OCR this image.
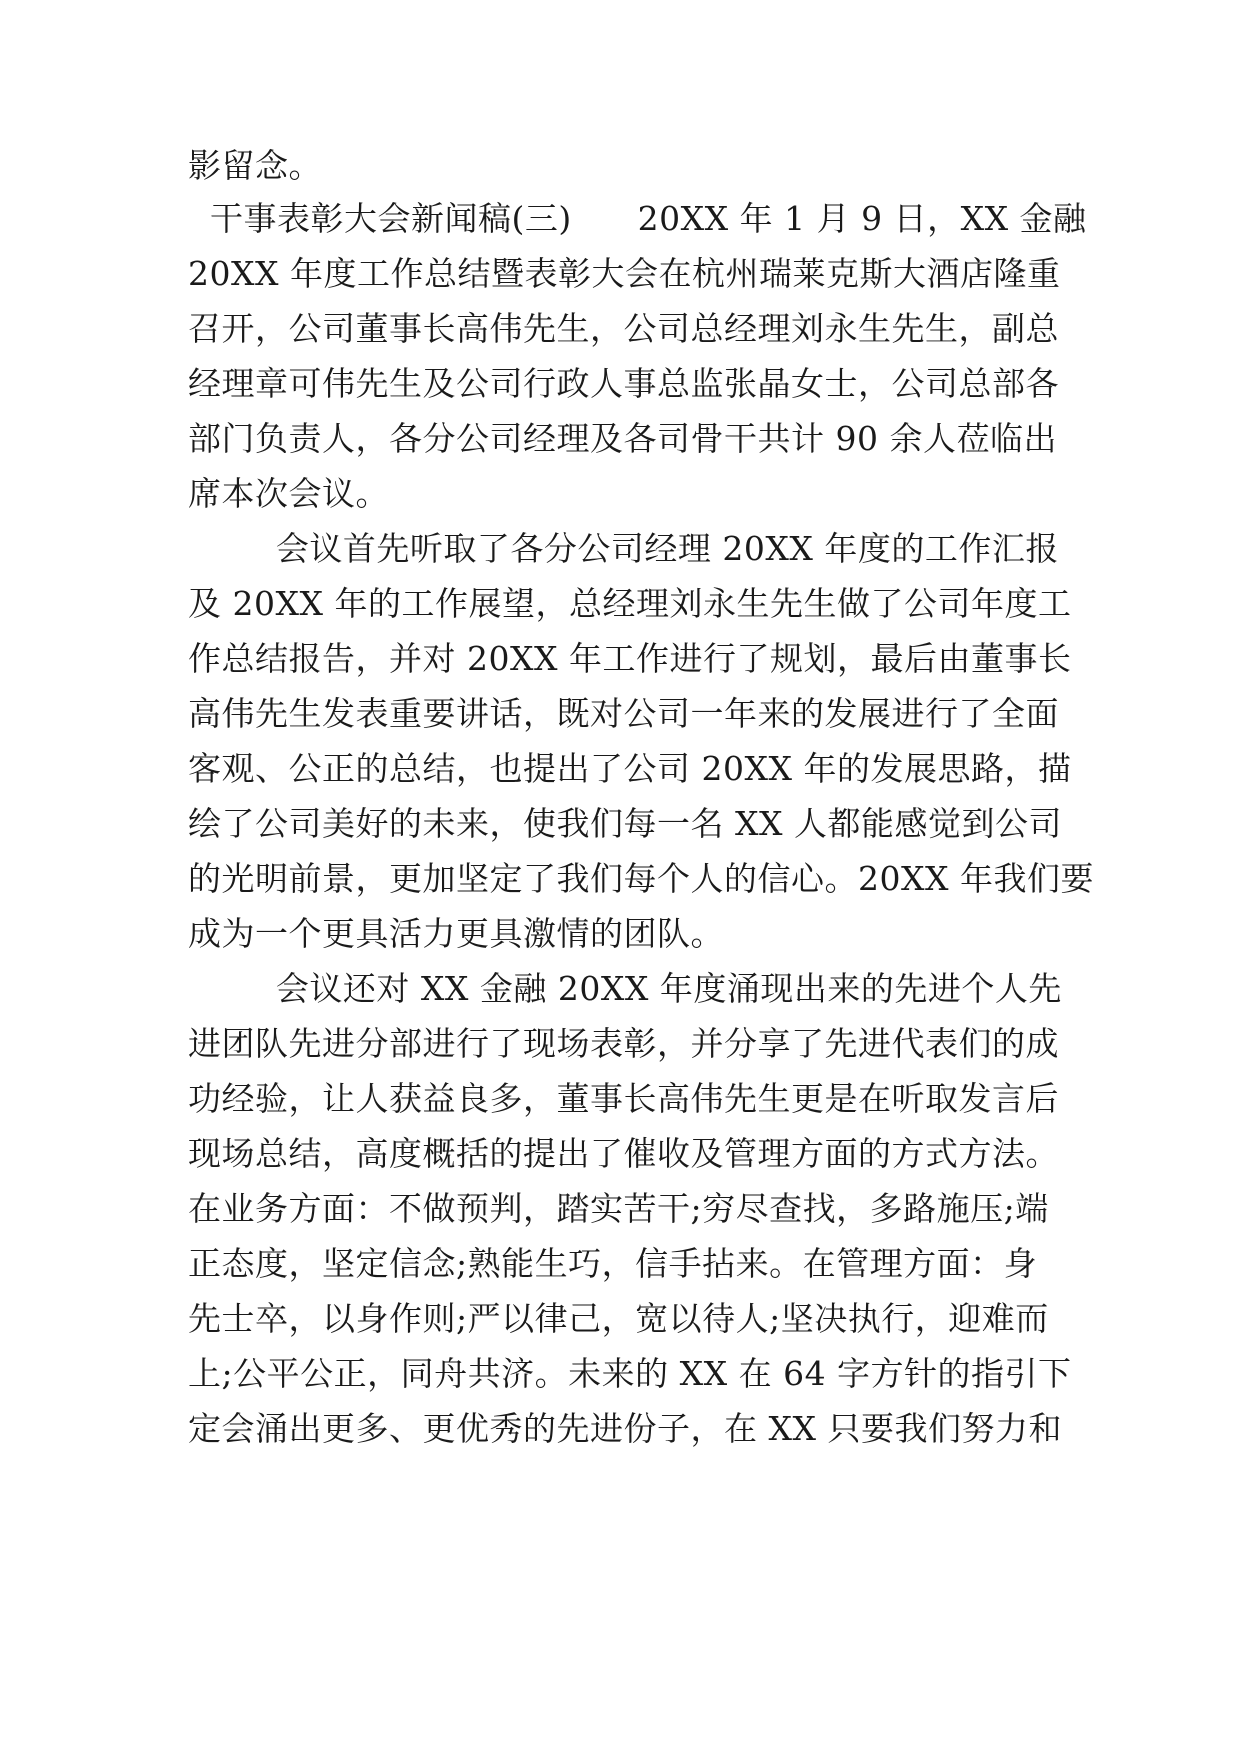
影留念。
干事表彰大会新闻稿(三)      20XX 年 1 月 9 日，XX 金融
20XX 年度工作总结暨表彰大会在杭州瑞莱克斯大酒店隆重
召开，公司董事长高伟先生，公司总经理刘永生先生，副总
经理章可伟先生及公司行政人事总监张晶女士，公司总部各
部门负责人，各分公司经理及各司骨干共计 90 余人莅临出
席本次会议。
会议首先听取了各分公司经理 20XX 年度的工作汇报
及 20XX 年的工作展望，总经理刘永生先生做了公司年度工
作总结报告，并对 20XX 年工作进行了规划，最后由董事长
高伟先生发表重要讲话，既对公司一年来的发展进行了全面
客观、公正的总结，也提出了公司 20XX 年的发展思路，描
绘了公司美好的未来，使我们每一名 XX 人都能感觉到公司
的光明前景，更加坚定了我们每个人的信心。20XX 年我们要
成为一个更具活力更具激情的团队。
会议还对 XX 金融 20XX 年度涌现出来的先进个人先
进团队先进分部进行了现场表彰，并分享了先进代表们的成
功经验，让人获益良多，董事长高伟先生更是在听取发言后
现场总结，高度概括的提出了催收及管理方面的方式方法。
在业务方面：不做预判，踏实苦干;穷尽查找，多路施压;端
正态度，坚定信念;熟能生巧，信手拈来。在管理方面：身
先士卒，以身作则;严以律己，宽以待人;坚决执行，迎难而
上;公平公正，同舟共济。未来的 XX 在 64 字方针的指引下
定会涌出更多、更优秀的先进份子，在 XX 只要我们努力和
